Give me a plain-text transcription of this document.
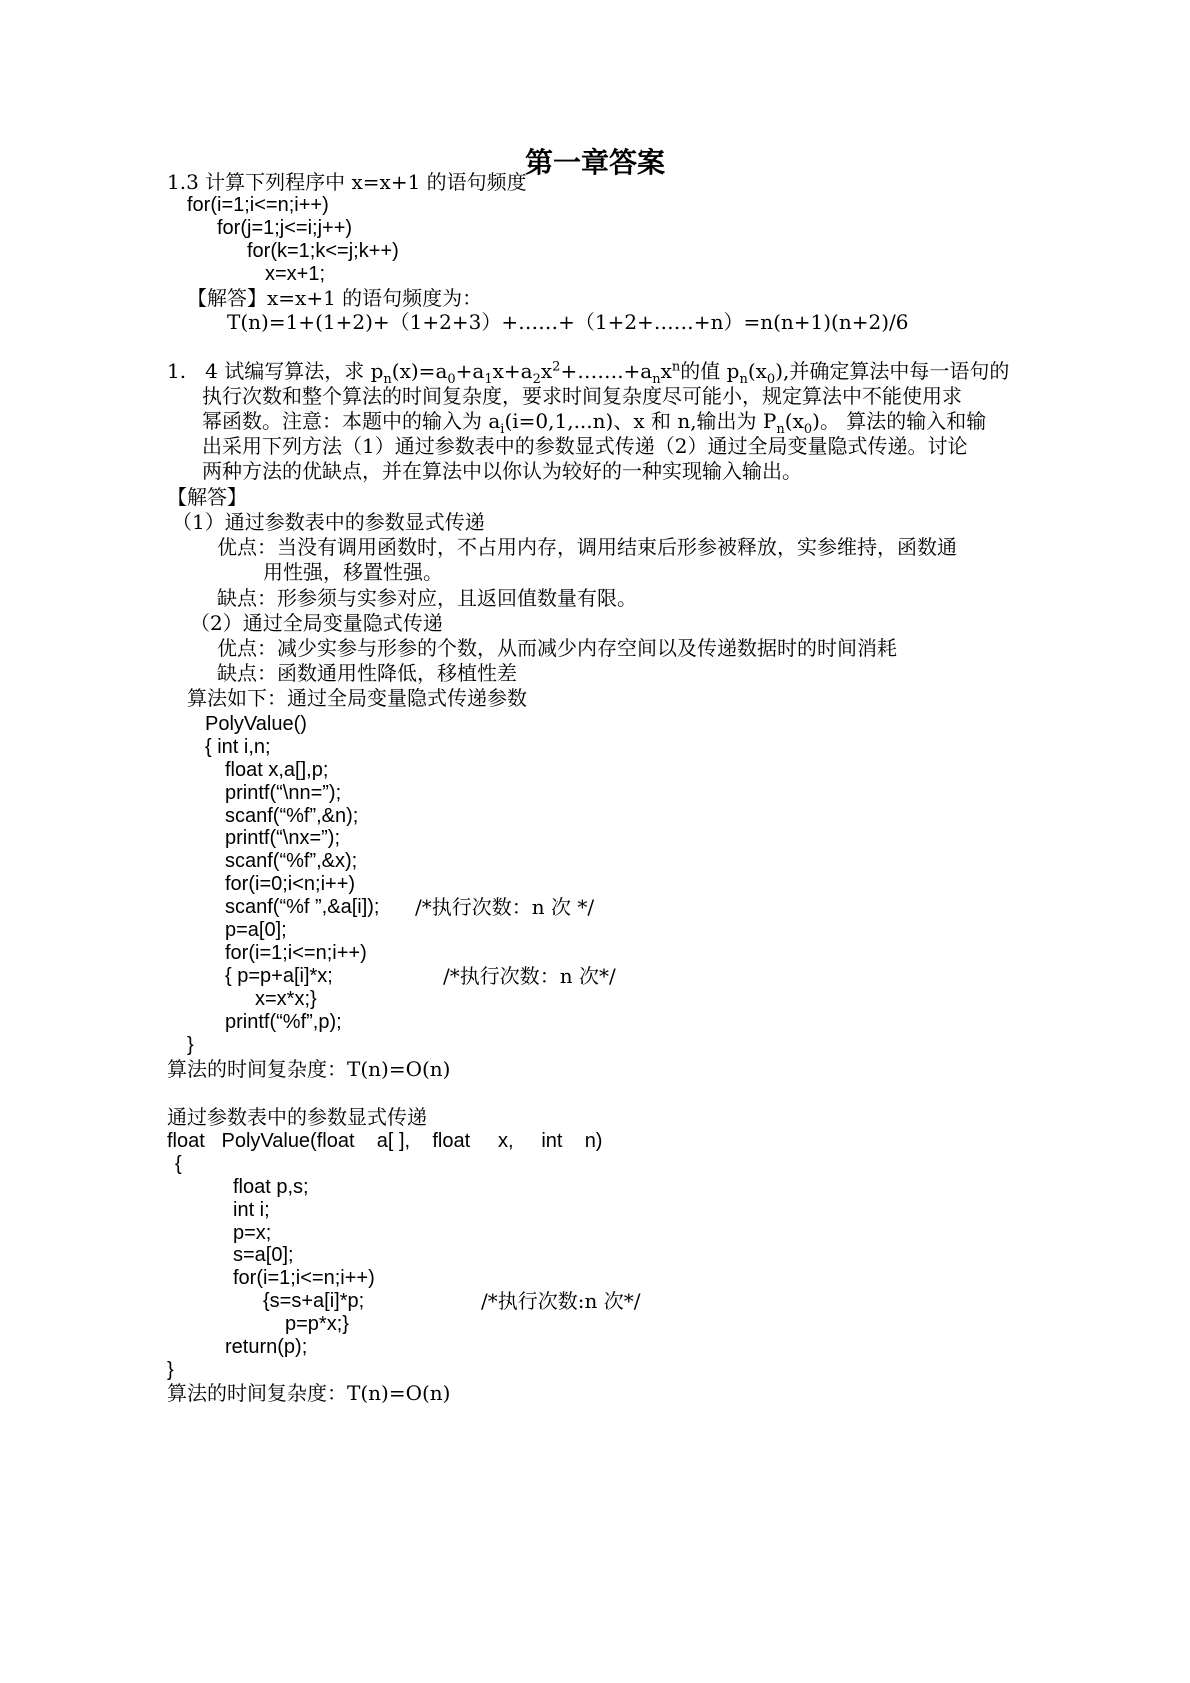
第一章答案
1.3 计算下列程序中 x=x+1 的语句频度
for(i=1;i<=n;i++)
for(j=1;j<=i;j++)
for(k=1;k<=j;k++)
x=x+1;
【解答】x=x+1 的语句频度为：
T(n)=1+(1+2)+（1+2+3）+……+（1+2+……+n）=n(n+1)(n+2)/6
1. 4 试编写算法，求 $p_n(x)=a_0+a_1x+a_2x^2+\dots\dots.+a_nx^n$的值 $p_n(x_0)$,并确定算法中每一语句的
执行次数和整个算法的时间复杂度，要求时间复杂度尽可能小，规定算法中不能使用求
幂函数。注意：本题中的输入为 $a_i(i=0,1,...n)$、x 和 n,输出为 $P_n(x_0)$。 算法的输入和输
出采用下列方法（1）通过参数表中的参数显式传递（2）通过全局变量隐式传递。讨论
两种方法的优缺点，并在算法中以你认为较好的一种实现输入输出。
【解答】
（1）通过参数表中的参数显式传递
优点：当没有调用函数时，不占用内存，调用结束后形参被释放，实参维持，函数通
用性强，移置性强。
缺点：形参须与实参对应，且返回值数量有限。
（2）通过全局变量隐式传递
优点：减少实参与形参的个数，从而减少内存空间以及传递数据时的时间消耗
缺点：函数通用性降低，移植性差
算法如下：通过全局变量隐式传递参数
PolyValue()
{ int i,n;
float x,a[],p;
printf(“\nn=”);
scanf(“%f”,&n);
printf(“\nx=”);
scanf(“%f”,&x);
for(i=0;i<n;i++)
scanf(“%f ”,&a[i]); /*执行次数：n 次 */
p=a[0];
for(i=1;i<=n;i++)
{ p=p+a[i]*x;	/*执行次数：n 次*/
x=x*x;}
printf(“%f”,p);
}
算法的时间复杂度：T(n)=O(n)
通过参数表中的参数显式传递
float PolyValue(float a[ ], float x, int n)
{
float p,s;
int i;
p=x;
s=a[0];
for(i=1;i<=n;i++)
{s=s+a[i]*p;	/*执行次数:n 次*/
p=p*x;}
return(p);
}
算法的时间复杂度：T(n)=O(n)
